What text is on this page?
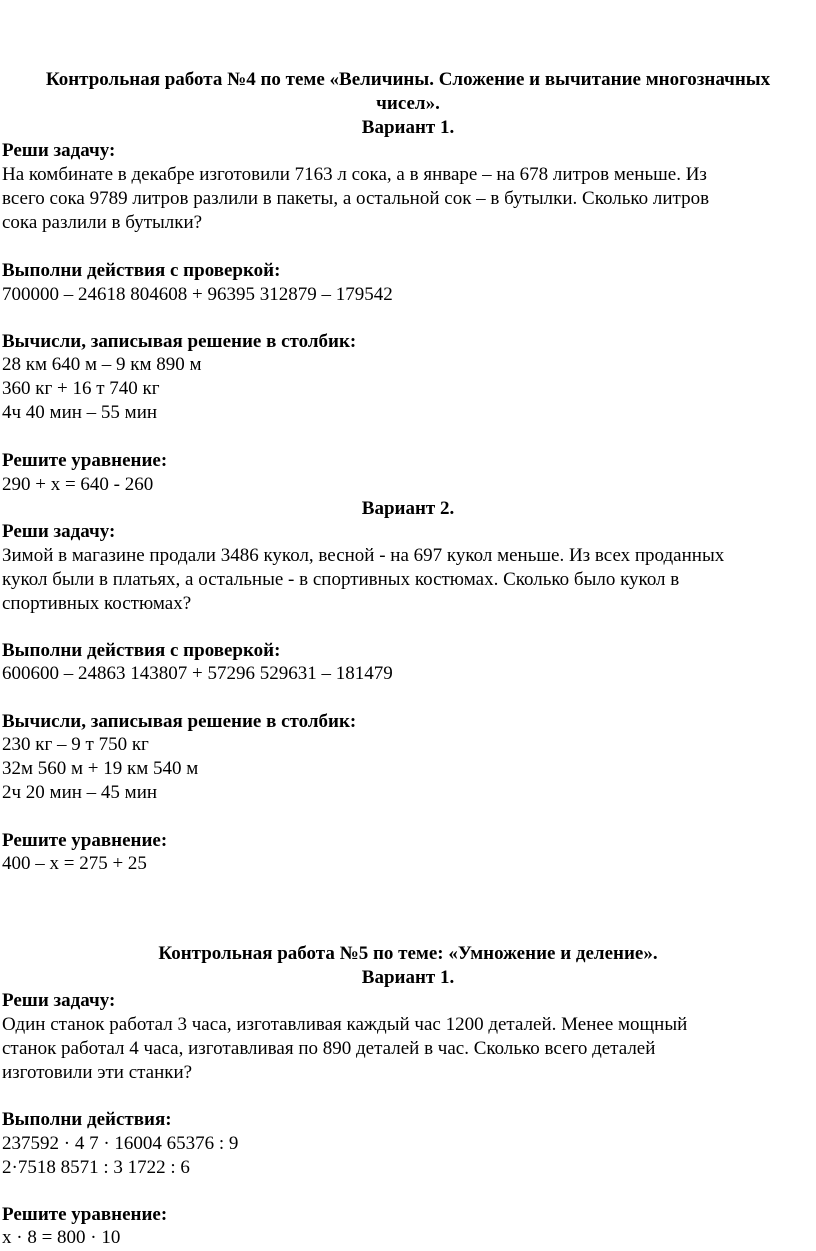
Контрольная работа №4 по теме «Величины. Сложение и вычитание многозначных
чисел».
Вариант 1.
Реши задачу:
На комбинате в декабре изготовили 7163 л сока, а в январе – на 678 литров меньше. Из
всего сока 9789 литров разлили в пакеты, а остальной сок – в бутылки. Сколько литров
сока разлили в бутылки?
Выполни действия с проверкой:
700000 – 24618 804608 + 96395 312879 – 179542
Вычисли, записывая решение в столбик:
28 км 640 м – 9 км 890 м
360 кг + 16 т 740 кг
4ч 40 мин – 55 мин
Решите уравнение:
290 + х = 640 - 260
Вариант 2.
Реши задачу:
Зимой в магазине продали 3486 кукол, весной - на 697 кукол меньше. Из всех проданных
кукол были в платьях, а остальные - в спортивных костюмах. Сколько было кукол в
спортивных костюмах?
Выполни действия с проверкой:
600600 – 24863 143807 + 57296 529631 – 181479
Вычисли, записывая решение в столбик:
230 кг – 9 т 750 кг
32м 560 м + 19 км 540 м
2ч 20 мин – 45 мин
Решите уравнение:
400 – х = 275 + 25
Контрольная работа №5 по теме: «Умножение и деление».
Вариант 1.
Реши задачу:
Один станок работал 3 часа, изготавливая каждый час 1200 деталей. Менее мощный
станок работал 4 часа, изготавливая по 890 деталей в час. Сколько всего деталей
изготовили эти станки?
Выполни действия:
237592 · 4 7 · 16004 65376 : 9
2·7518 8571 : 3 1722 : 6
Решите уравнение:
х · 8 = 800 · 10
